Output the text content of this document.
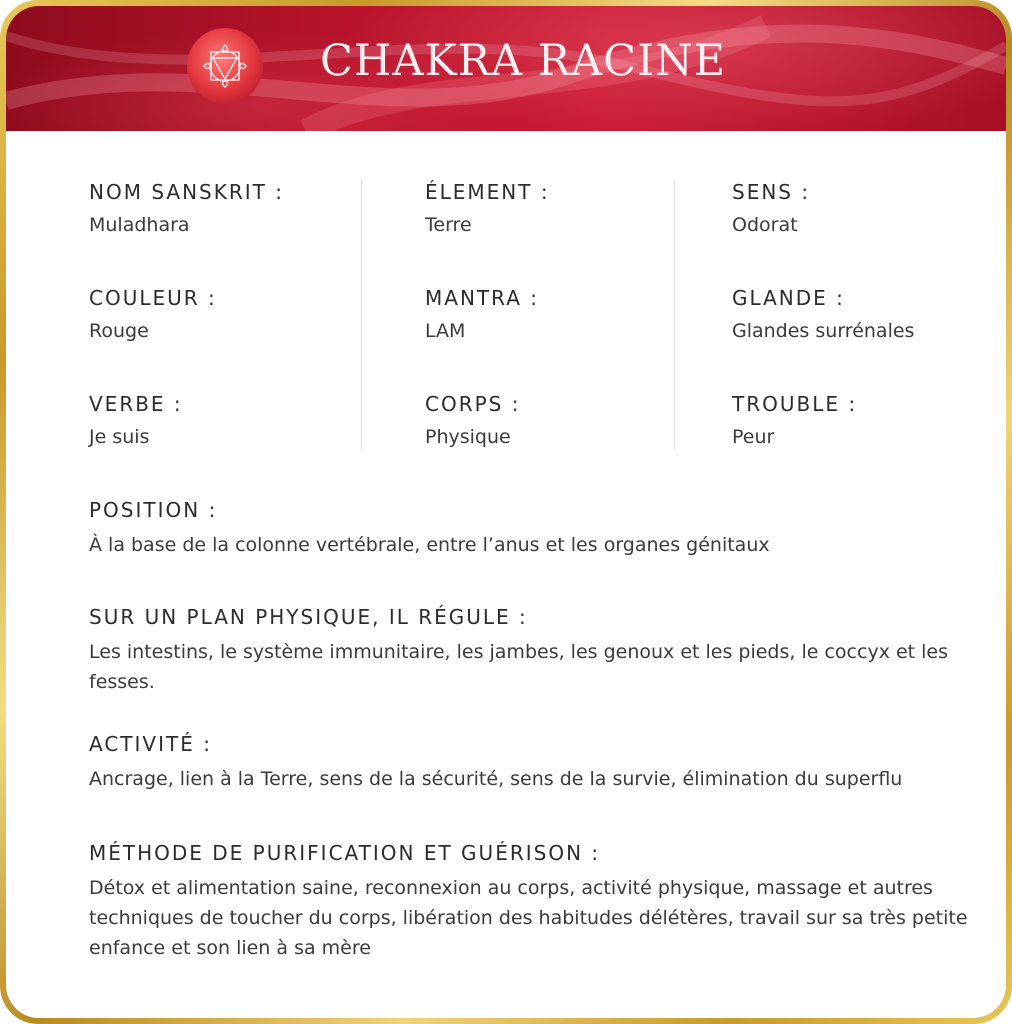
CHAKRA RACINE
NOM SANSKRIT :
Muladhara
ÉLEMENT :
Terre
SENS :
Odorat
COULEUR :
Rouge
MANTRA :
LAM
GLANDE :
Glandes surrénales
VERBE :
Je suis
CORPS :
Physique
TROUBLE :
Peur
POSITION :
À la base de la colonne vertébrale, entre l’anus et les organes génitaux
SUR UN PLAN PHYSIQUE, IL RÉGULE :
Les intestins, le système immunitaire, les jambes, les genoux et les pieds, le coccyx et les fesses.
ACTIVITÉ :
Ancrage, lien à la Terre, sens de la sécurité, sens de la survie, élimination du superflu
MÉTHODE DE PURIFICATION ET GUÉRISON :
Détox et alimentation saine, reconnexion au corps, activité physique, massage et autres techniques de toucher du corps, libération des habitudes délétères, travail sur sa très petite enfance et son lien à sa mère
